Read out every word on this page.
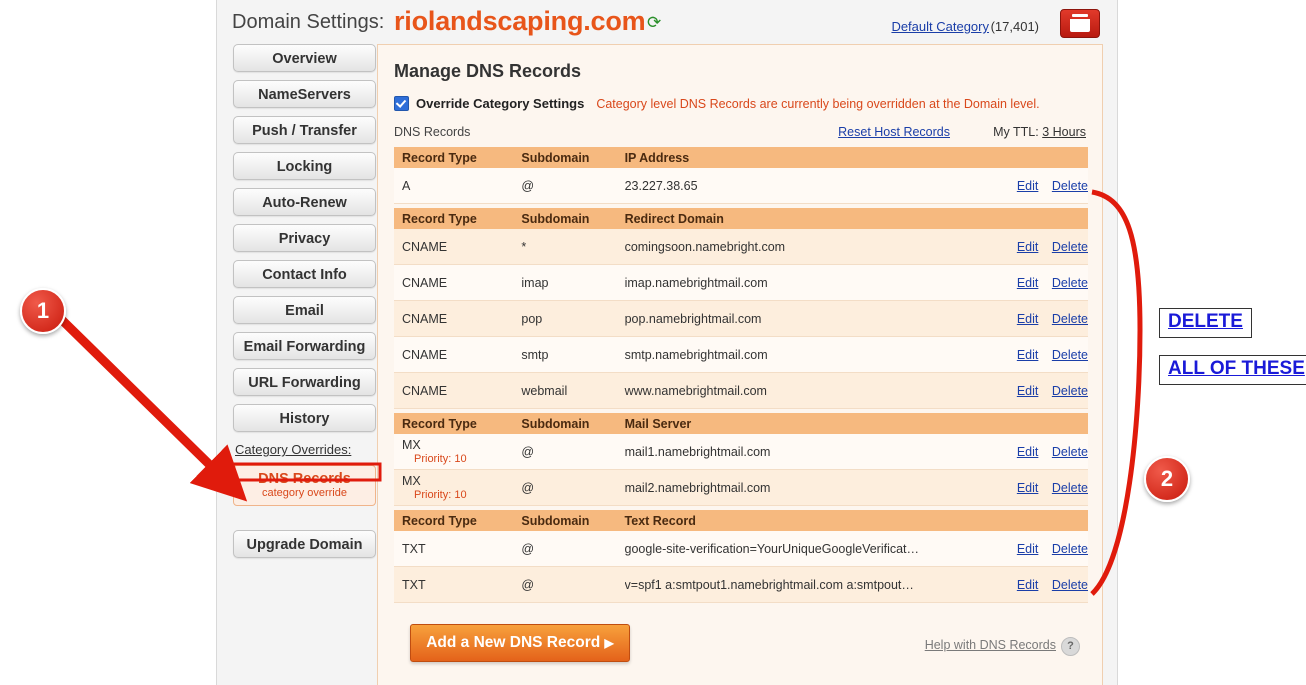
Domain Settings: riolandscaping.com ⟳	Default Category (17,401)
Overview
NameServers
Push / Transfer
Locking
Auto-Renew
Privacy
Contact Info
Email
Email Forwarding
URL Forwarding
History
Category Overrides:
DNS Records
category override
Upgrade Domain
Manage DNS Records
Override Category Settings Category level DNS Records are currently being overridden at the Domain level.
DNS Records	Reset Host Records	My TTL: 3 Hours
Record Type	Subdomain	IP Address	
A	@	23.227.38.65	Edit Delete
Record Type	Subdomain	Redirect Domain	
CNAME	*	comingsoon.namebright.com	Edit Delete
CNAME	imap	imap.namebrightmail.com	Edit Delete
CNAME	pop	pop.namebrightmail.com	Edit Delete
CNAME	smtp	smtp.namebrightmail.com	Edit Delete
CNAME	webmail	www.namebrightmail.com	Edit Delete
Record Type	Subdomain	Mail Server	
MX
Priority: 10	@	mail1.namebrightmail.com	Edit Delete
MX
Priority: 10	@	mail2.namebrightmail.com	Edit Delete
Record Type	Subdomain	Text Record	
TXT	@	google-site-verification=YourUniqueGoogleVerificat…	Edit Delete
TXT	@	v=spf1 a:smtpout1.namebrightmail.com a:smtpout…	Edit Delete
Add a New DNS Record ▶	Help with DNS Records	?
1
2
DELETE
ALL OF THESE
